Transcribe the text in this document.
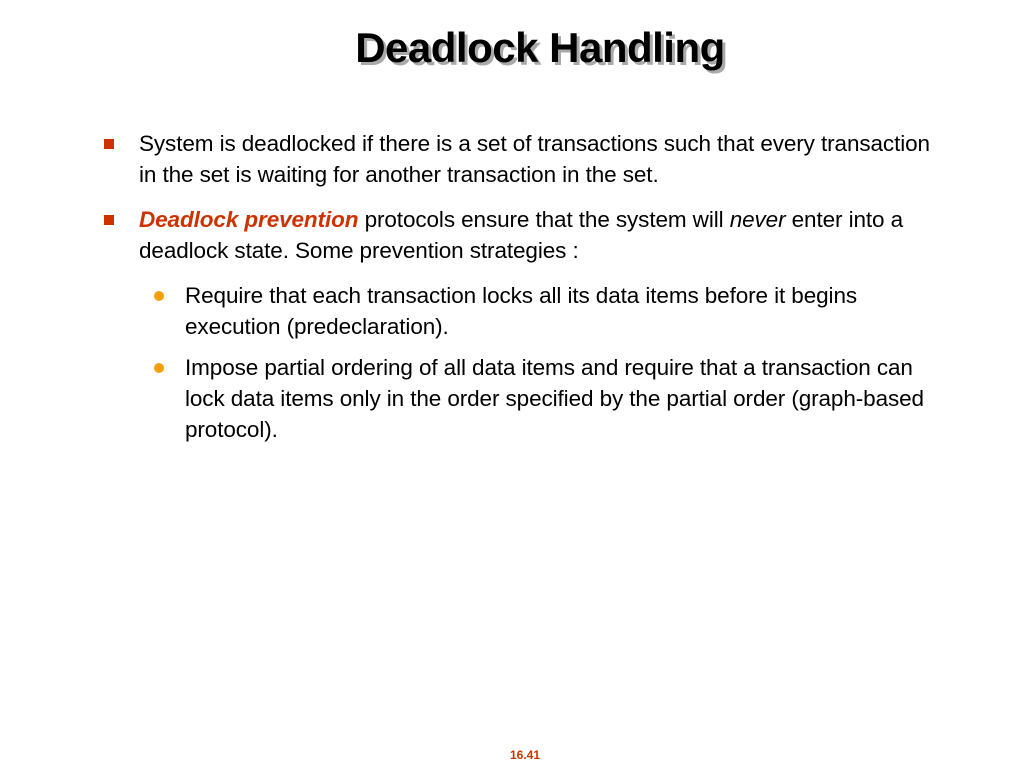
Deadlock Handling
System is deadlocked if there is a set of transactions such that every transaction in the set is waiting for another transaction in the set.
Deadlock prevention protocols ensure that the system will never enter into a deadlock state. Some prevention strategies :
Require that each transaction locks all its data items before it begins execution (predeclaration).
Impose partial ordering of all data items and require that a transaction can lock data items only in the order specified by the partial order (graph-based protocol).
16.41
